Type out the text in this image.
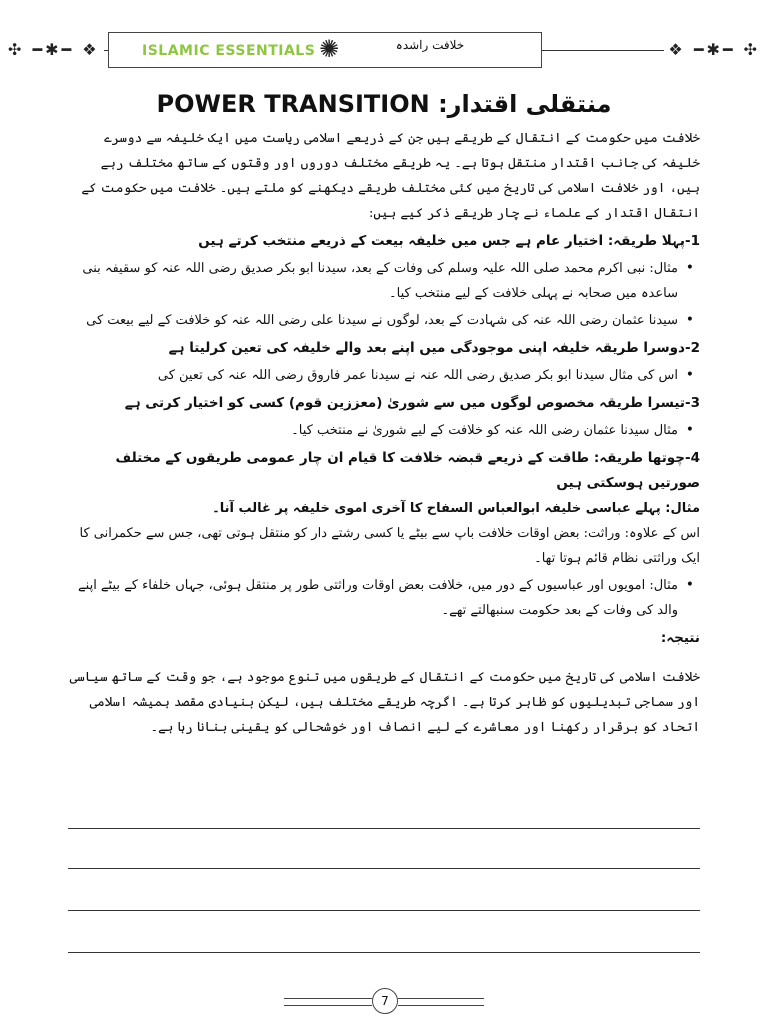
✣ ━✱━ ❖	❖ ━✱━ ✣
ISLAMIC ESSENTIALS ✺	خلافت راشدہ
منتقلی اقتدار: POWER TRANSITION

خلافت میں حکومت کے انتقال کے طریقے ہیں جن کے ذریعے اسلامی ریاست میں ایک خلیفہ سے دوسرے خلیفہ کی جانب اقتدار منتقل ہوتا ہے۔ یہ طریقے مختلف دوروں اور وقتوں کے ساتھ مختلف رہے ہیں، اور خلافت اسلامی کی تاریخ میں کئی مختلف طریقے دیکھنے کو ملتے ہیں۔ خلافت میں حکومت کے انتقال اقتدار کے علماء نے چار طریقے ذکر کیے ہیں:

1-پہلا طریقہ: اختیار عام ہے جس میں خلیفہ بیعت کے ذریعے منتخب کرتے ہیں

• مثال: نبی اکرم محمد صلی اللہ علیہ وسلم کی وفات کے بعد، سیدنا ابو بکر صدیق رضی اللہ عنہ کو سقیفہ بنی ساعدہ میں صحابہ نے پہلی خلافت کے لیے منتخب کیا۔

• سیدنا عثمان رضی اللہ عنہ کی شہادت کے بعد، لوگوں نے سیدنا علی رضی اللہ عنہ کو خلافت کے لیے بیعت کی

2-دوسرا طریقہ خلیفہ اپنی موجودگی میں اپنے بعد والے خلیفہ کی تعین کرلیتا ہے

• اس کی مثال سیدنا ابو بکر صدیق رضی اللہ عنہ نے سیدنا عمر فاروق رضی اللہ عنہ کی تعین کی

3-تیسرا طریقہ مخصوص لوگوں میں سے شوریٰ (معززین قوم) کسی کو اختیار کرتی ہے

• مثال سیدنا عثمان رضی اللہ عنہ کو خلافت کے لیے شوریٰ نے منتخب کیا۔

4-چوتھا طریقہ: طاقت کے ذریعے قبضہ خلافت کا قیام ان چار عمومی طریقوں کے مختلف صورتیں ہوسکتی ہیں

مثال: پہلے عباسی خلیفہ ابوالعباس السفاح کا آخری اموی خلیفہ پر غالب آنا۔

اس کے علاوہ: وراثت: بعض اوقات خلافت باپ سے بیٹے یا کسی رشتے دار کو منتقل ہوتی تھی، جس سے حکمرانی کا ایک وراثتی نظام قائم ہوتا تھا۔

• مثال: امویوں اور عباسیوں کے دور میں، خلافت بعض اوقات وراثتی طور پر منتقل ہوئی، جہاں خلفاء کے بیٹے اپنے والد کی وفات کے بعد حکومت سنبھالتے تھے۔

نتیجہ:

خلافت اسلامی کی تاریخ میں حکومت کے انتقال کے طریقوں میں تنوع موجود ہے، جو وقت کے ساتھ سیاسی اور سماجی تبدیلیوں کو ظاہر کرتا ہے۔ اگرچہ طریقے مختلف ہیں، لیکن بنیادی مقصد ہمیشہ اسلامی اتحاد کو برقرار رکھنا اور معاشرے کے لیے انصاف اور خوشحالی کو یقینی بنانا رہا ہے۔

7
